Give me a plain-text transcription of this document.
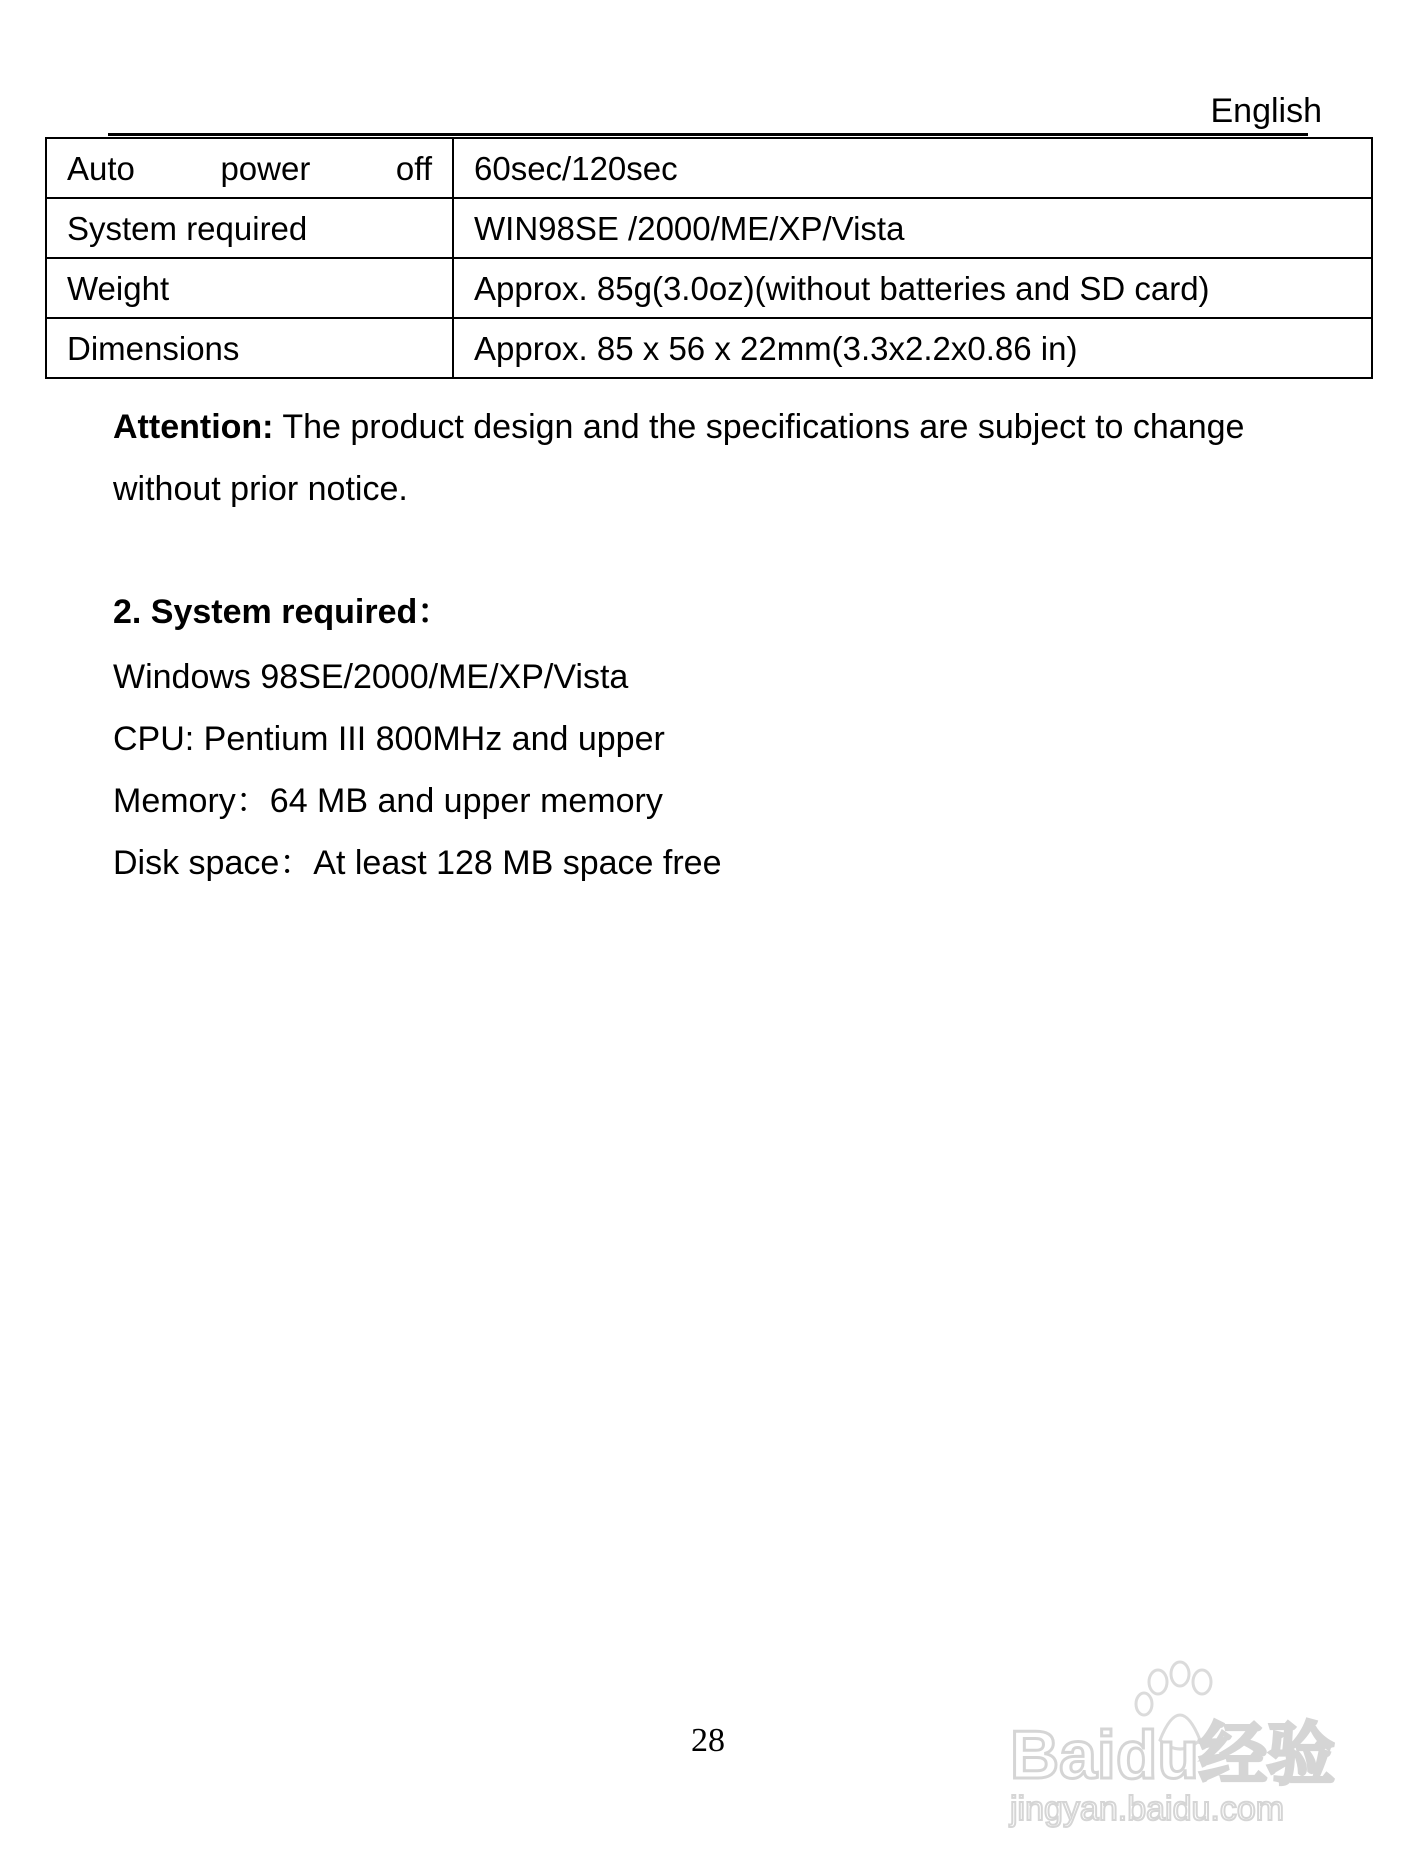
English
Auto power off	60sec/120sec
System required	WIN98SE /2000/ME/XP/Vista
Weight	Approx. 85g(3.0oz)(without batteries and SD card)
Dimensions	Approx. 85 x 56 x 22mm(3.3x2.2x0.86 in)
Attention: The product design and the specifications are subject to change without prior notice.
2. System required：
Windows 98SE/2000/ME/XP/Vista
CPU: Pentium III 800MHz and upper
Memory：64 MB and upper memory
Disk space：At least 128 MB space free
28	Baidu经验
jingyan.baidu.com
